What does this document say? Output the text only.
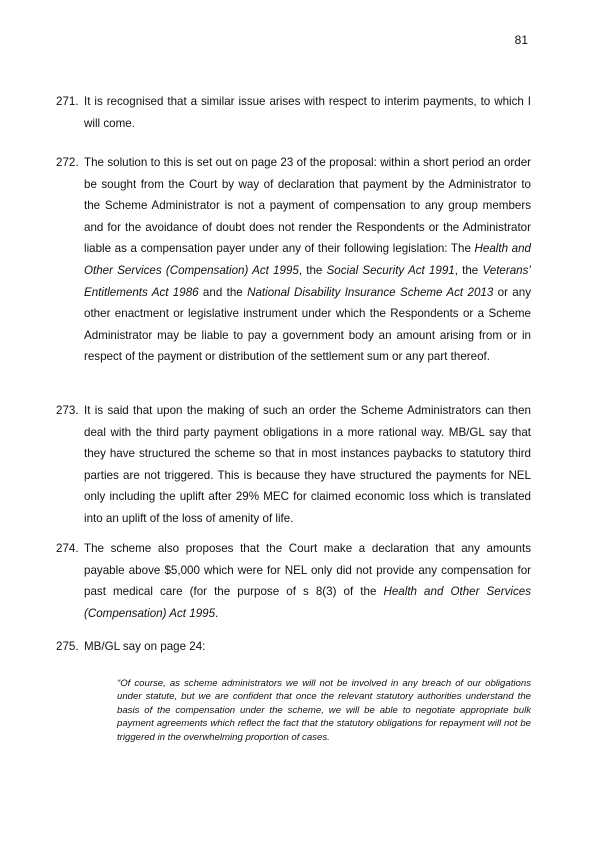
81
271. It is recognised that a similar issue arises with respect to interim payments, to which I will come.

272. The solution to this is set out on page 23 of the proposal: within a short period an order be sought from the Court by way of declaration that payment by the Administrator to the Scheme Administrator is not a payment of compensation to any group members and for the avoidance of doubt does not render the Respondents or the Administrator liable as a compensation payer under any of their following legislation: The Health and Other Services (Compensation) Act 1995, the Social Security Act 1991, the Veterans’ Entitlements Act 1986 and the National Disability Insurance Scheme Act 2013 or any other enactment or legislative instrument under which the Respondents or a Scheme Administrator may be liable to pay a government body an amount arising from or in respect of the payment or distribution of the settlement sum or any part thereof.

273. It is said that upon the making of such an order the Scheme Administrators can then deal with the third party payment obligations in a more rational way. MB/GL say that they have structured the scheme so that in most instances paybacks to statutory third parties are not triggered. This is because they have structured the payments for NEL only including the uplift after 29% MEC for claimed economic loss which is translated into an uplift of the loss of amenity of life.

274. The scheme also proposes that the Court make a declaration that any amounts payable above $5,000 which were for NEL only did not provide any compensation for past medical care (for the purpose of s 8(3) of the Health and Other Services (Compensation) Act 1995.

275. MB/GL say on page 24:

“Of course, as scheme administrators we will not be involved in any breach of our obligations under statute, but we are confident that once the relevant statutory authorities understand the basis of the compensation under the scheme, we will be able to negotiate appropriate bulk payment agreements which reflect the fact that the statutory obligations for repayment will not be triggered in the overwhelming proportion of cases.
